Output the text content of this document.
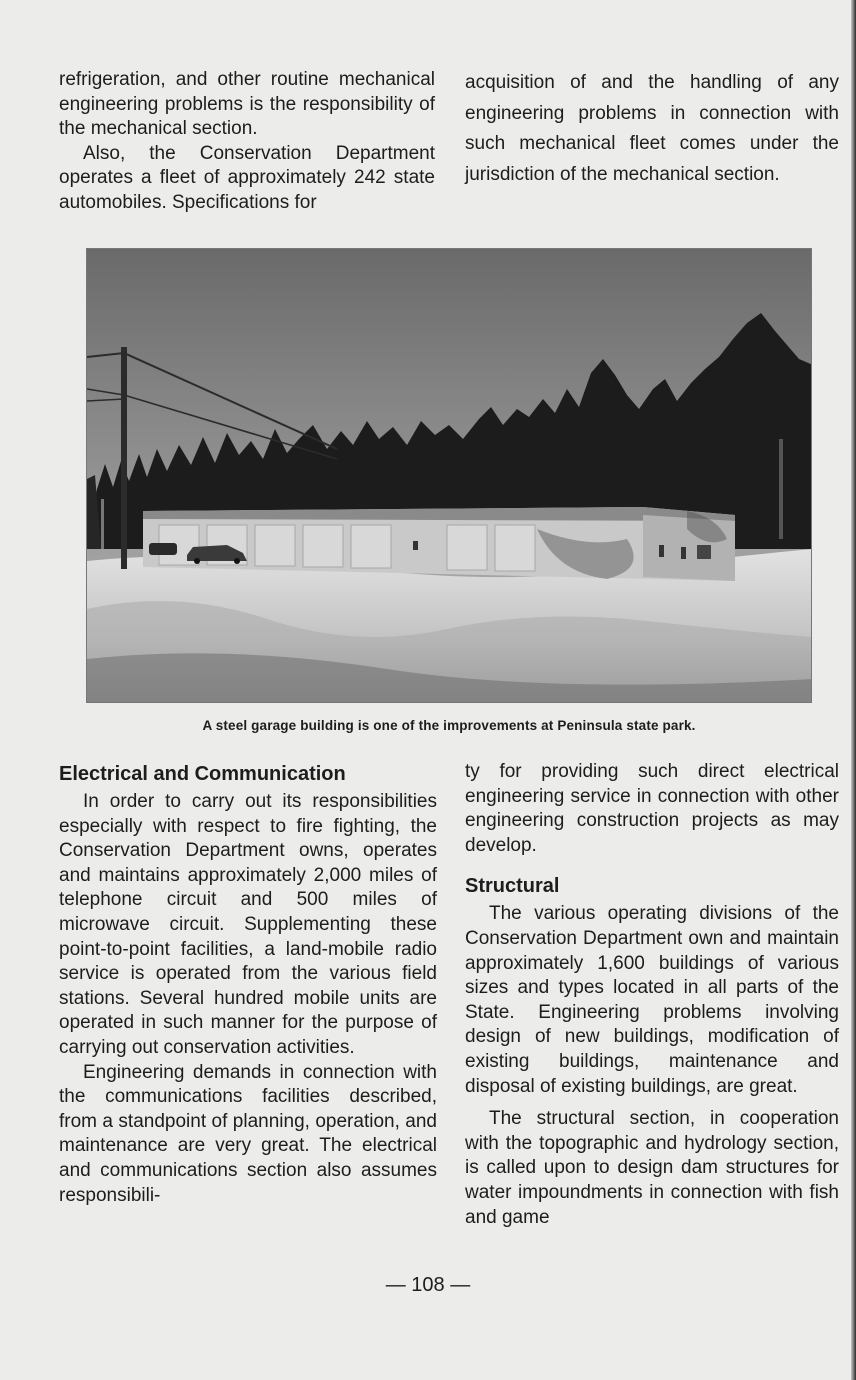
refrigeration, and other routine mechanical engineering problems is the responsibility of the mechanical section.

Also, the Conservation Department operates a fleet of approximately 242 state automobiles. Specifications for

acquisition of and the handling of any engineering problems in connection with such mechanical fleet comes under the jurisdiction of the mechanical section.

A steel garage building is one of the improvements at Peninsula state park.
Electrical and Communication

In order to carry out its responsibilities especially with respect to fire fighting, the Conservation Department owns, operates and maintains approximately 2,000 miles of telephone circuit and 500 miles of microwave circuit. Supplementing these point-to-point facilities, a land-mobile radio service is operated from the various field stations. Several hundred mobile units are operated in such manner for the purpose of carrying out conservation activities.

Engineering demands in connection with the communications facilities described, from a standpoint of planning, operation, and maintenance are very great. The electrical and communications section also assumes responsibili-

ty for providing such direct electrical engineering service in connection with other engineering construction projects as may develop.

Structural

The various operating divisions of the Conservation Department own and maintain approximately 1,600 buildings of various sizes and types located in all parts of the State. Engineering problems involving design of new buildings, modification of existing buildings, maintenance and disposal of existing buildings, are great.

The structural section, in cooperation with the topographic and hydrology section, is called upon to design dam structures for water impoundments in connection with fish and game

— 108 —
